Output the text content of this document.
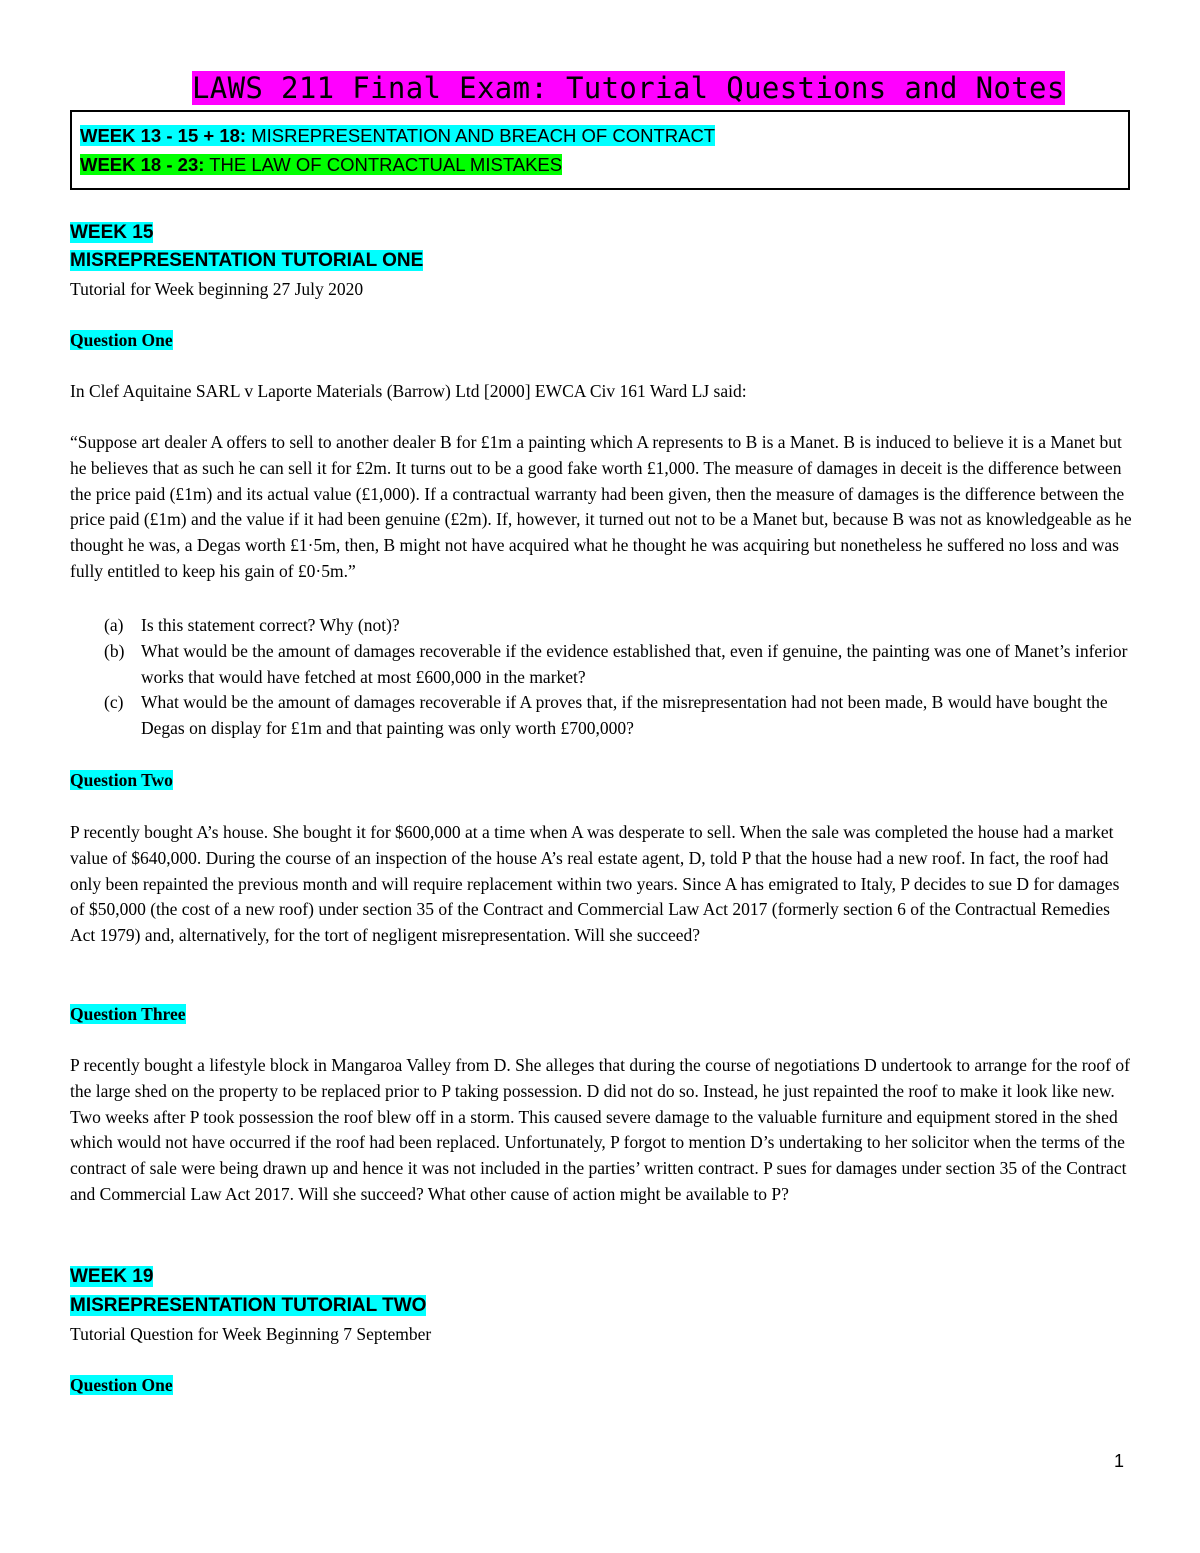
LAWS 211 Final Exam: Tutorial Questions and Notes
WEEK 13 - 15 + 18: MISREPRESENTATION AND BREACH OF CONTRACT
WEEK 18 - 23: THE LAW OF CONTRACTUAL MISTAKES
WEEK 15
MISREPRESENTATION TUTORIAL ONE

Tutorial for Week beginning 27 July 2020

Question One

In Clef Aquitaine SARL v Laporte Materials (Barrow) Ltd [2000] EWCA Civ 161 Ward LJ said:

“Suppose art dealer A offers to sell to another dealer B for £1m a painting which A represents to B is a Manet. B is induced to believe it is a Manet but he believes that as such he can sell it for £2m. It turns out to be a good fake worth £1,000. The measure of damages in deceit is the difference between the price paid (£1m) and its actual value (£1,000). If a contractual warranty had been given, then the measure of damages is the difference between the price paid (£1m) and the value if it had been genuine (£2m). If, however, it turned out not to be a Manet but, because B was not as knowledgeable as he thought he was, a Degas worth £1·5m, then, B might not have acquired what he thought he was acquiring but nonetheless he suffered no loss and was fully entitled to keep his gain of £0·5m.”

(a)	Is this statement correct? Why (not)?
(b) What would be the amount of damages recoverable if the evidence established that, even if genuine, the painting was one of Manet’s inferior works that would have fetched at most £600,000 in the market?
(c)	What would be the amount of damages recoverable if A proves that, if the misrepresentation had not been made, B would have bought the Degas on display for £1m and that painting was only worth £700,000?

Question Two

P recently bought A’s house. She bought it for $600,000 at a time when A was desperate to sell. When the sale was completed the house had a market value of $640,000. During the course of an inspection of the house A’s real estate agent, D, told P that the house had a new roof. In fact, the roof had only been repainted the previous month and will require replacement within two years. Since A has emigrated to Italy, P decides to sue D for damages of $50,000 (the cost of a new roof) under section 35 of the Contract and Commercial Law Act 2017 (formerly section 6 of the Contractual Remedies Act 1979) and, alternatively, for the tort of negligent misrepresentation. Will she succeed?

Question Three

P recently bought a lifestyle block in Mangaroa Valley from D. She alleges that during the course of negotiations D undertook to arrange for the roof of the large shed on the property to be replaced prior to P taking possession. D did not do so. Instead, he just repainted the roof to make it look like new. Two weeks after P took possession the roof blew off in a storm. This caused severe damage to the valuable furniture and equipment stored in the shed which would not have occurred if the roof had been replaced. Unfortunately, P forgot to mention D’s undertaking to her solicitor when the terms of the contract of sale were being drawn up and hence it was not included in the parties’ written contract. P sues for damages under section 35 of the Contract and Commercial Law Act 2017. Will she succeed? What other cause of action might be available to P?

WEEK 19
MISREPRESENTATION TUTORIAL TWO

Tutorial Question for Week Beginning 7 September

Question One

1
